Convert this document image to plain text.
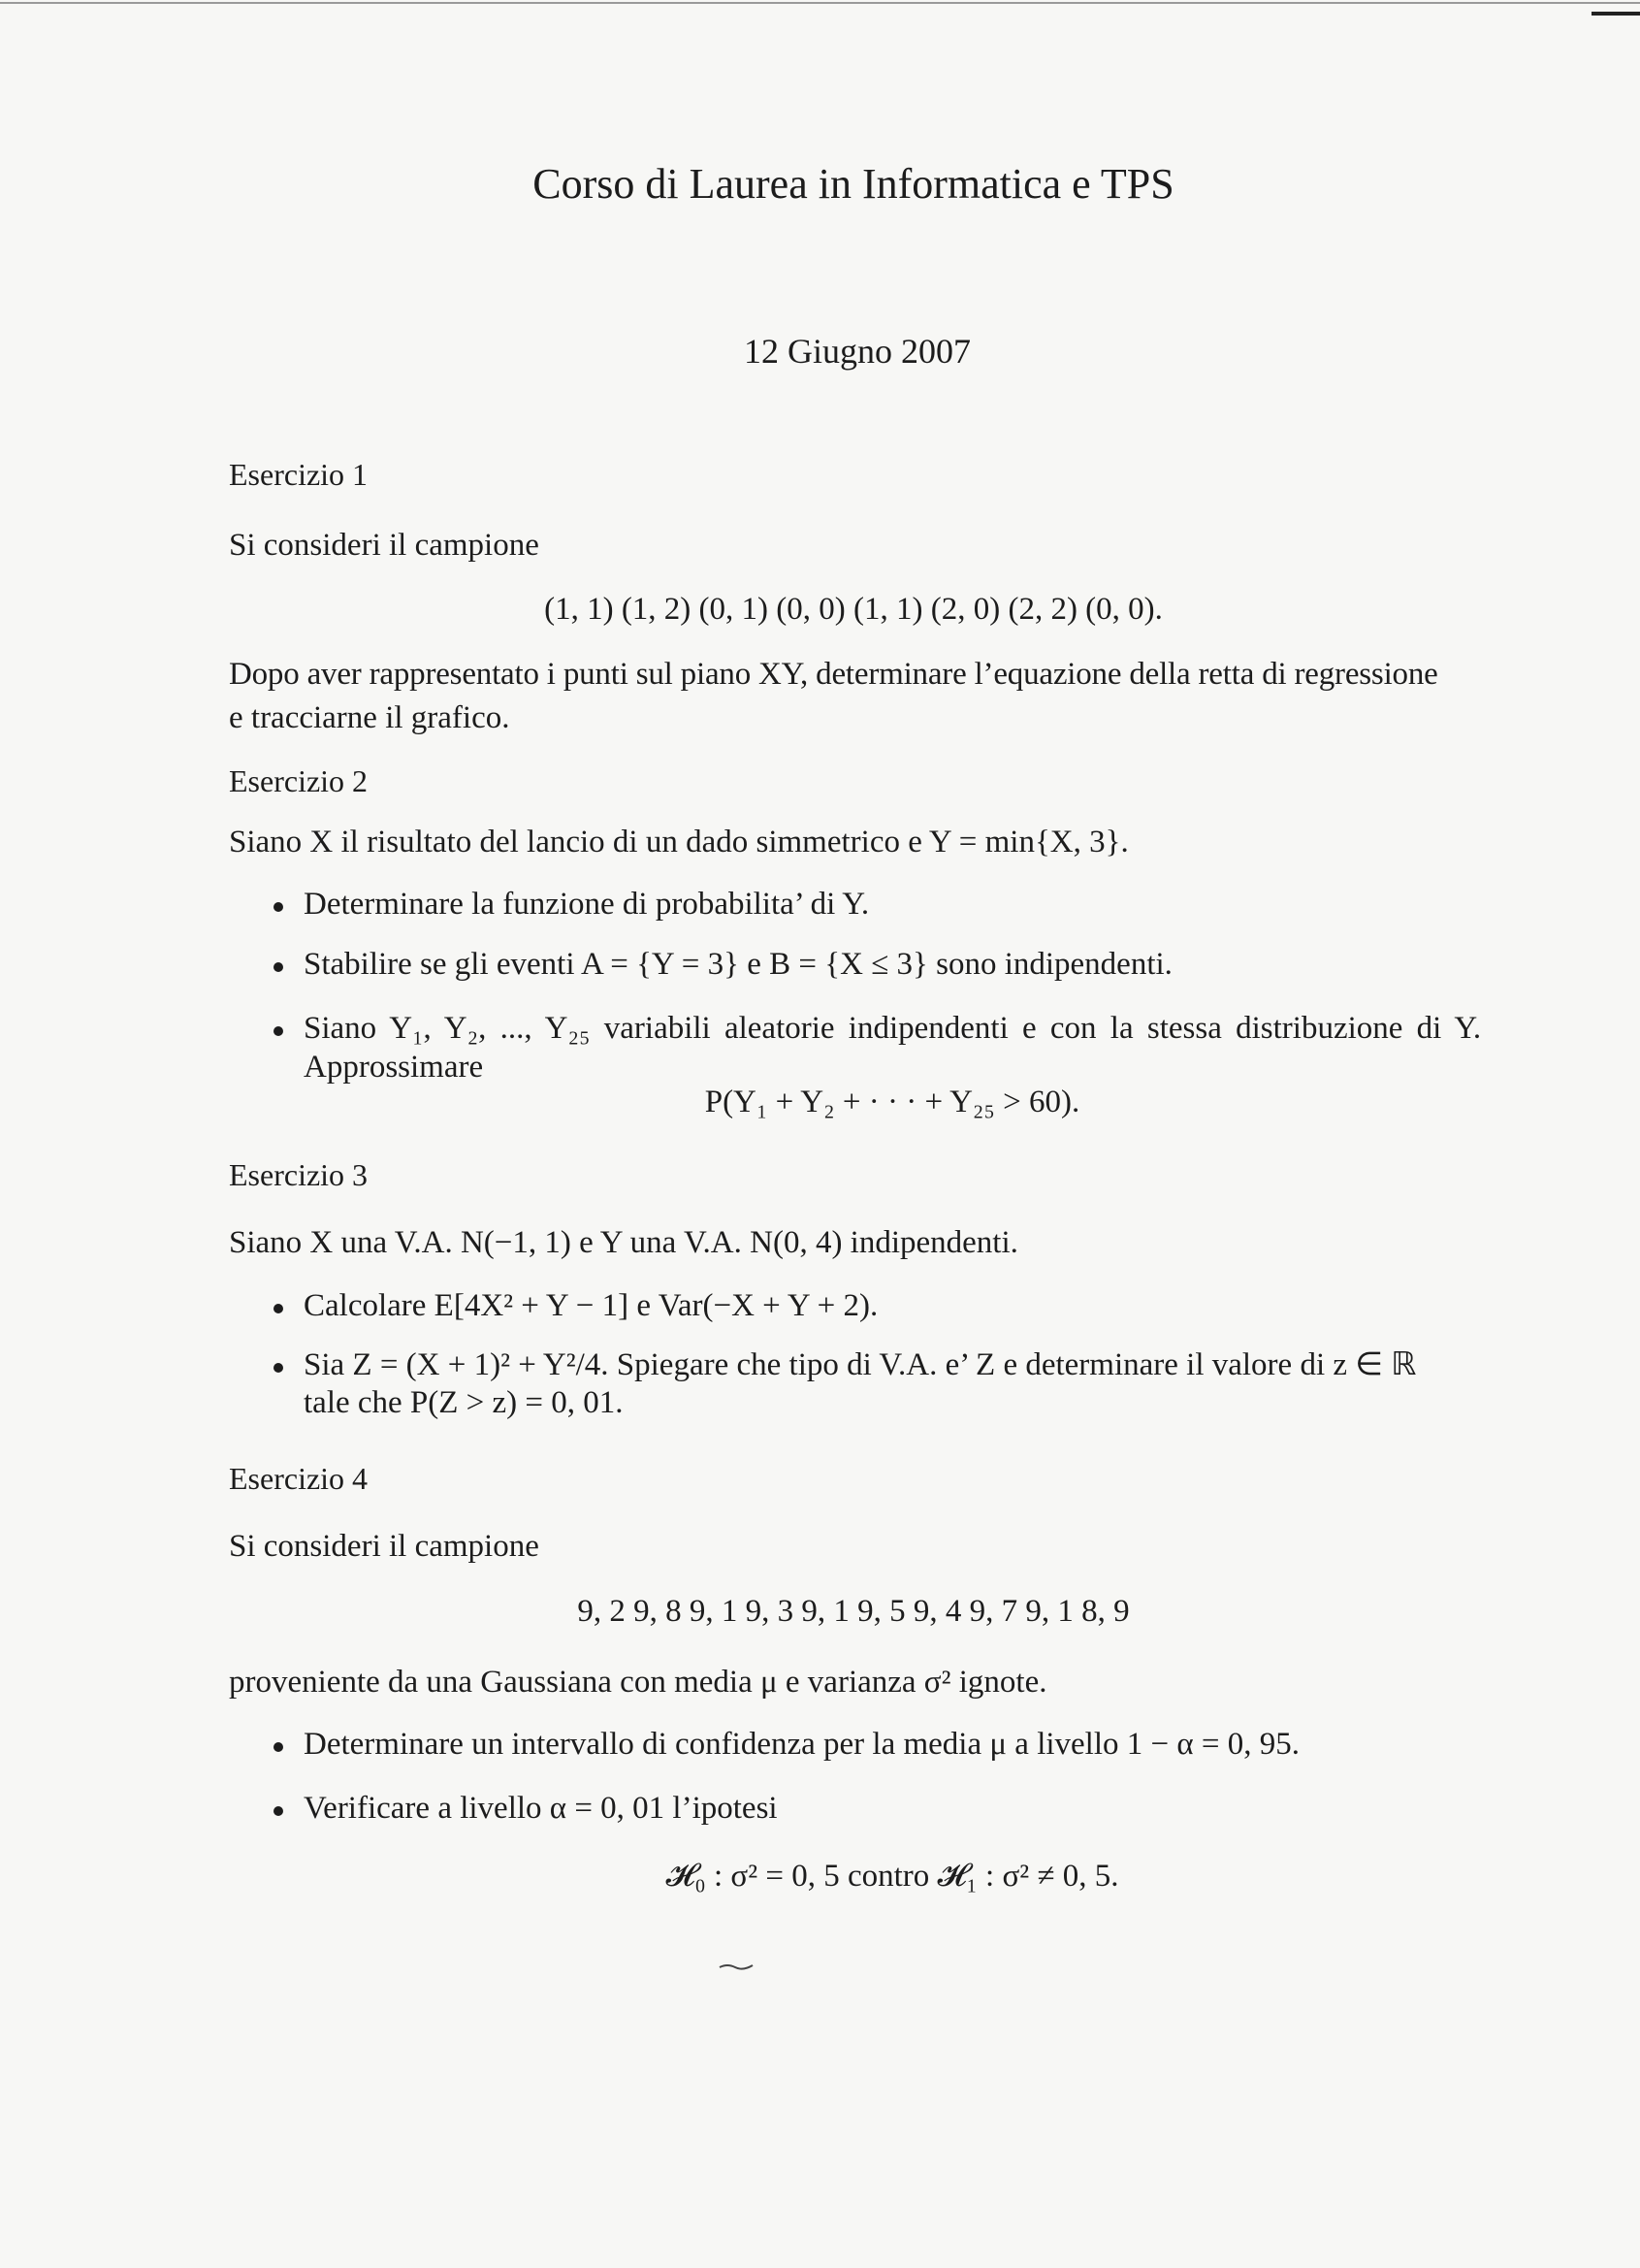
Corso di Laurea in Informatica e TPS
12 Giugno 2007
Esercizio 1
Si consideri il campione
(1, 1) (1, 2) (0, 1) (0, 0) (1, 1) (2, 0) (2, 2) (0, 0).
Dopo aver rappresentato i punti sul piano XY, determinare l’equazione della retta di regressione
e tracciarne il grafico.
Esercizio 2
Siano X il risultato del lancio di un dado simmetrico e Y = min{X, 3}.
Determinare la funzione di probabilita’ di Y.
Stabilire se gli eventi A = {Y = 3} e B = {X ≤ 3} sono indipendenti.
Siano Y₁, Y₂, ..., Y₂₅ variabili aleatorie indipendenti e con la stessa distribuzione di Y.
Approssimare
P(Y₁ + Y₂ + · · · + Y₂₅ > 60).
Esercizio 3
Siano X una V.A. N(−1, 1) e Y una V.A. N(0, 4) indipendenti.
Calcolare E[4X² + Y − 1] e Var(−X + Y + 2).
Sia Z = (X + 1)² + Y²/4. Spiegare che tipo di V.A. e’ Z e determinare il valore di z ∈ ℝ
tale che P(Z > z) = 0, 01.
Esercizio 4
Si consideri il campione
9, 2 9, 8 9, 1 9, 3 9, 1 9, 5 9, 4 9, 7 9, 1 8, 9
proveniente da una Gaussiana con media μ e varianza σ² ignote.
Determinare un intervallo di confidenza per la media μ a livello 1 − α = 0, 95.
Verificare a livello α = 0, 01 l’ipotesi
𝓗₀ : σ² = 0, 5 contro 𝓗₁ : σ² ≠ 0, 5.
